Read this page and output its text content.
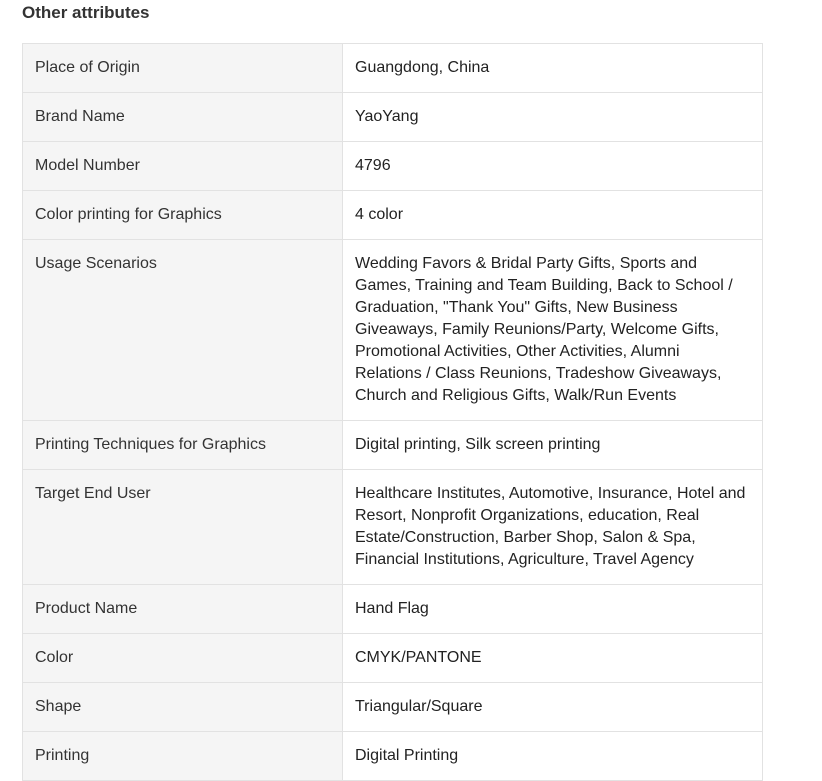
Other attributes
Place of Origin	Guangdong, China
Brand Name	YaoYang
Model Number	4796
Color printing for Graphics	4 color
Usage Scenarios	Wedding Favors & Bridal Party Gifts, Sports and Games, Training and Team Building, Back to School / Graduation, "Thank You" Gifts, New Business Giveaways, Family Reunions/Party, Welcome Gifts, Promotional Activities, Other Activities, Alumni Relations / Class Reunions, Tradeshow Giveaways, Church and Religious Gifts, Walk/Run Events
Printing Techniques for Graphics	Digital printing, Silk screen printing
Target End User	Healthcare Institutes, Automotive, Insurance, Hotel and Resort, Nonprofit Organizations, education, Real Estate/Construction, Barber Shop, Salon & Spa, Financial Institutions, Agriculture, Travel Agency
Product Name	Hand Flag
Color	CMYK/PANTONE
Shape	Triangular/Square
Printing	Digital Printing
